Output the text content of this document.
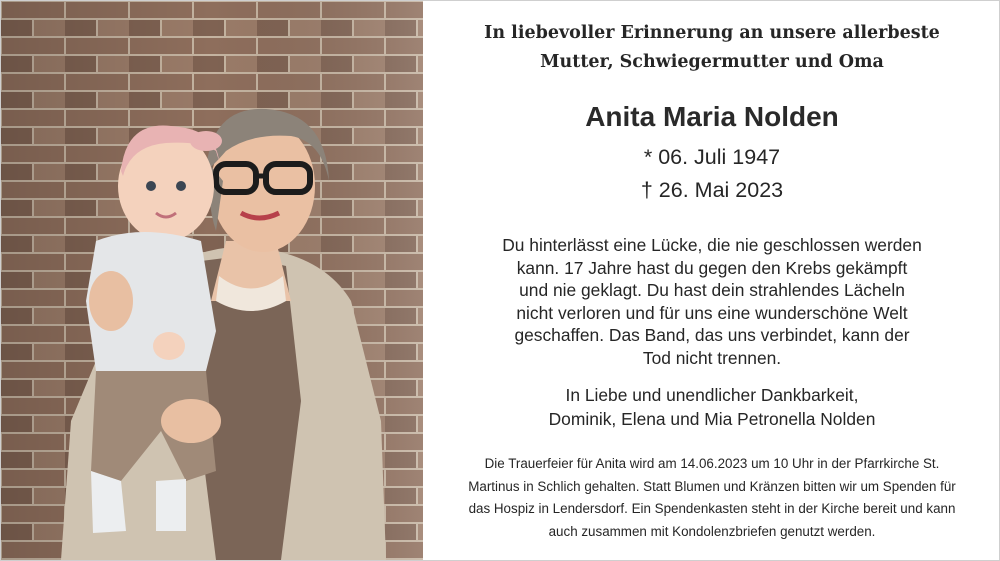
In liebevoller Erinnerung an unsere allerbeste
Mutter, Schwiegermutter und Oma
Anita Maria Nolden
* 06. Juli 1947
† 26. Mai 2023
Du hinterlässt eine Lücke, die nie geschlossen werden
kann. 17 Jahre hast du gegen den Krebs gekämpft
und nie geklagt. Du hast dein strahlendes Lächeln
nicht verloren und für uns eine wunderschöne Welt
geschaffen. Das Band, das uns verbindet, kann der
Tod nicht trennen.
In Liebe und unendlicher Dankbarkeit,
Dominik, Elena und Mia Petronella Nolden
Die Trauerfeier für Anita wird am 14.06.2023 um 10 Uhr in der Pfarrkirche St.
Martinus in Schlich gehalten. Statt Blumen und Kränzen bitten wir um Spenden für
das Hospiz in Lendersdorf. Ein Spendenkasten steht in der Kirche bereit und kann
auch zusammen mit Kondolenzbriefen genutzt werden.
